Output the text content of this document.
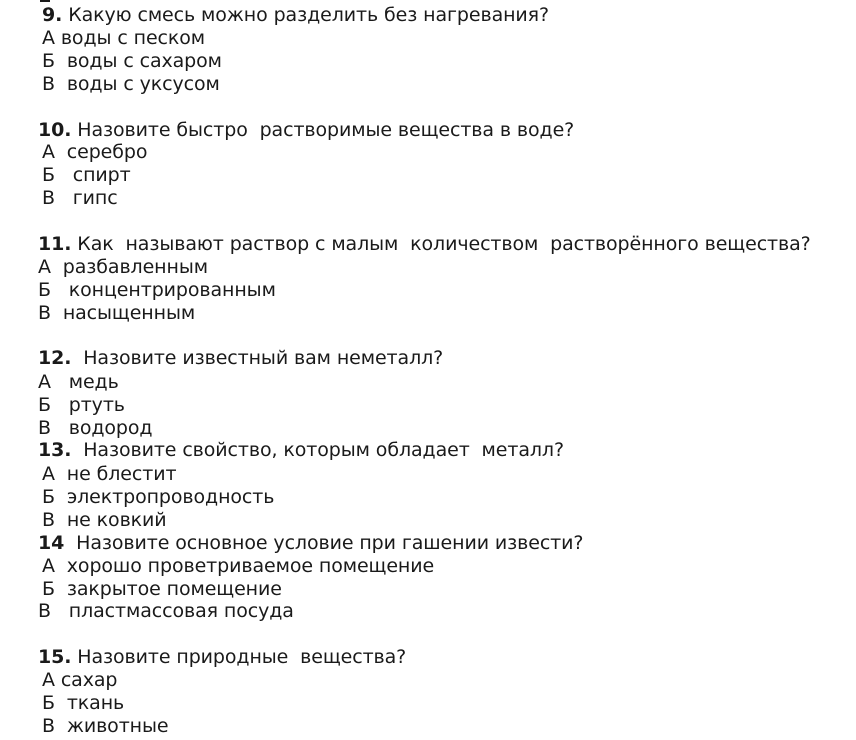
9. Какую смесь можно разделить без нагревания?
А воды с песком
Б  воды с сахаром
В  воды с уксусом
10. Назовите быстро  растворимые вещества в воде?
А  серебро
Б   спирт
В   гипс
11. Как  называют раствор с малым  количеством  растворённого вещества?
А  разбавленным
Б   концентрированным
В  насыщенным
12.  Назовите известный вам неметалл?
А   медь
Б   ртуть
В   водород
13.  Назовите свойство, которым обладает  металл?
А  не блестит
Б  электропроводность
В  не ковкий
14  Назовите основное условие при гашении извести?
А  хорошо проветриваемое помещение
Б  закрытое помещение
В   пластмассовая посуда
15. Назовите природные  вещества?
А сахар
Б  ткань
В  животные
